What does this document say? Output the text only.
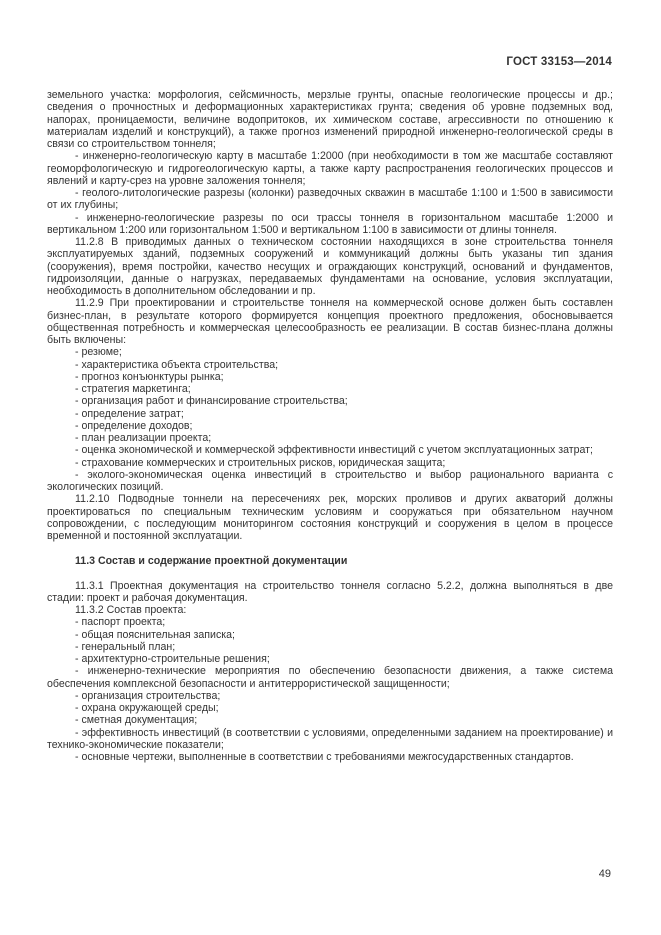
ГОСТ 33153—2014
земельного участка: морфология, сейсмичность, мерзлые грунты, опасные геологические процессы и др.; сведения о прочностных и деформационных характеристиках грунта; сведения об уровне подземных вод, напорах, проницаемости, величине водопритоков, их химическом составе, агрессивности по отношению к материалам изделий и конструкций), а также прогноз изменений природной инженерно-геологической среды в связи со строительством тоннеля;
- инженерно-геологическую карту в масштабе 1:2000 (при необходимости в том же масштабе составляют геоморфологическую и гидрогеологическую карты, а также карту распространения геологических процессов и явлений и карту-срез на уровне заложения тоннеля;
- геолого-литологические разрезы (колонки) разведочных скважин в масштабе 1:100 и 1:500 в зависимости от их глубины;
- инженерно-геологические разрезы по оси трассы тоннеля в горизонтальном масштабе 1:2000 и вертикальном 1:200 или горизонтальном 1:500 и вертикальном 1:100 в зависимости от длины тоннеля.
11.2.8 В приводимых данных о техническом состоянии находящихся в зоне строительства тоннеля эксплуатируемых зданий, подземных сооружений и коммуникаций должны быть указаны тип здания (сооружения), время постройки, качество несущих и ограждающих конструкций, оснований и фундаментов, гидроизоляции, данные о нагрузках, передаваемых фундаментами на основание, условия эксплуатации, необходимость в дополнительном обследовании и пр.
11.2.9 При проектировании и строительстве тоннеля на коммерческой основе должен быть составлен бизнес-план, в результате которого формируется концепция проектного предложения, обосновывается общественная потребность и коммерческая целесообразность ее реализации. В состав бизнес-плана должны быть включены:
- резюме;
- характеристика объекта строительства;
- прогноз конъюнктуры рынка;
- стратегия маркетинга;
- организация работ и финансирование строительства;
- определение затрат;
- определение доходов;
- план реализации проекта;
- оценка экономической и коммерческой эффективности инвестиций с учетом эксплуатационных затрат;
- страхование коммерческих и строительных рисков, юридическая защита;
- эколого-экономическая оценка инвестиций в строительство и выбор рационального варианта с экологических позиций.
11.2.10 Подводные тоннели на пересечениях рек, морских проливов и других акваторий должны проектироваться по специальным техническим условиям и сооружаться при обязательном научном сопровождении, с последующим мониторингом состояния конструкций и сооружения в целом в процессе временной и постоянной эксплуатации.
11.3 Состав и содержание проектной документации
11.3.1 Проектная документация на строительство тоннеля согласно 5.2.2, должна выполняться в две стадии: проект и рабочая документация.
11.3.2 Состав проекта:
- паспорт проекта;
- общая пояснительная записка;
- генеральный план;
- архитектурно-строительные решения;
- инженерно-технические мероприятия по обеспечению безопасности движения, а также система обеспечения комплексной безопасности и антитеррористической защищенности;
- организация строительства;
- охрана окружающей среды;
- сметная документация;
- эффективность инвестиций (в соответствии с условиями, определенными заданием на проектирование) и технико-экономические показатели;
- основные чертежи, выполненные в соответствии с требованиями межгосударственных стандартов.
49
